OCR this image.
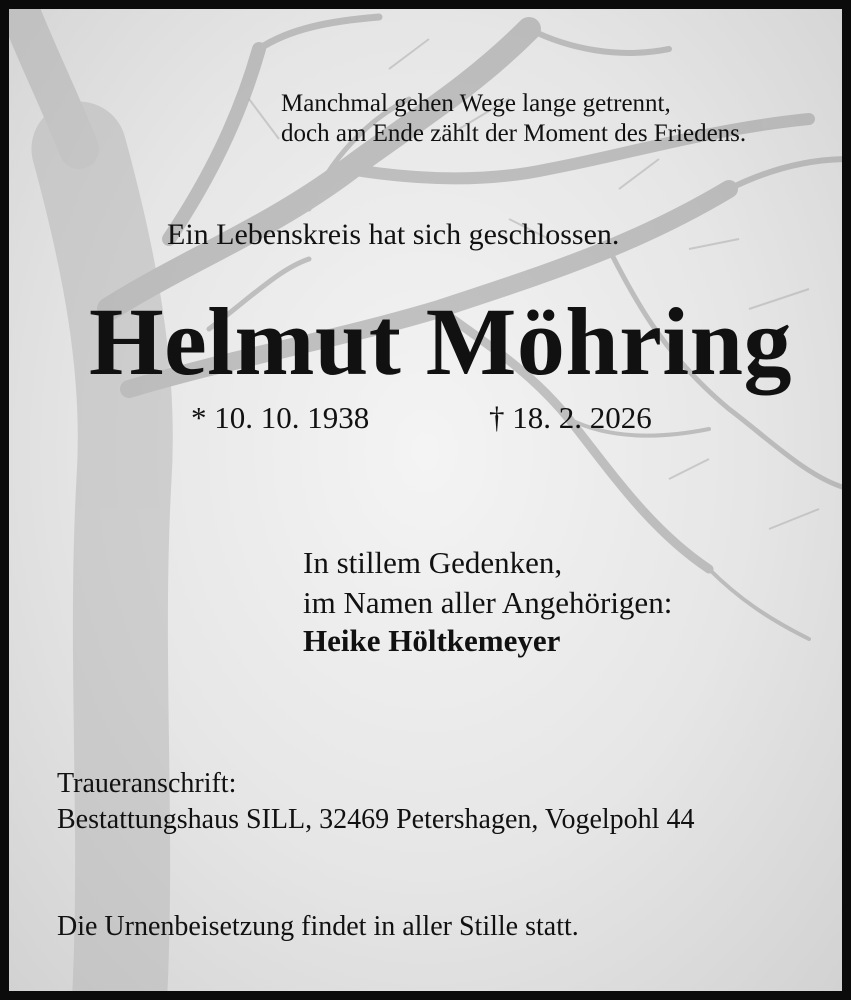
Manchmal gehen Wege lange getrennt,
doch am Ende zählt der Moment des Friedens.

Ein Lebenskreis hat sich geschlossen.

Helmut Möhring

* 10. 10. 1938	† 18. 2. 2026

In stillem Gedenken,
im Namen aller Angehörigen:

Heike Höltkemeyer

Traueranschrift:
Bestattungshaus SILL, 32469 Petershagen, Vogelpohl 44

Die Urnenbeisetzung findet in aller Stille statt.
